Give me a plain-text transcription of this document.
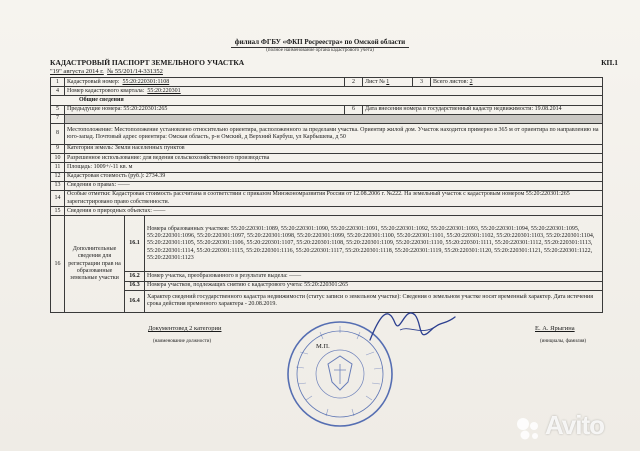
филиал ФГБУ «ФКП Росреестра» по Омской области
(полное наименование органа кадастрового учета)
КАДАСТРОВЫЙ ПАСПОРТ ЗЕМЕЛЬНОГО УЧАСТКА	КП.1
"19" августа 2014 г. № 55/201/14-331352
1	Кадастровый номер: 55:20:220301:1108			2	Лист № 1	3	Всего листов: 2
4	Номер кадастрового квартала: 55:20:220301						
Общие сведения							
5	Предыдущие номера: 55:20:220301:265			6	Дата внесения номера в государственный кадастр недвижимости: 19.08.2014		
7							
8	Местоположение: Местоположение установлено относительно ориентира, расположенного за пределами участка. Ориентир жилой дом. Участок находится примерно в 365 м от ориентира по направлению на юго-запад. Почтовый адрес ориентира: Омская область, р-н Омский, д Верхний Карбуш, ул Карбышева, д 50						
9	Категория земель: Земли населенных пунктов						
10	Разрешенное использование: для ведения сельскохозяйственного производства						
11	Площадь: 1009+/-11 кв. м						
12	Кадастровая стоимость (руб.): 2734.39						
13	Сведения о правах: ——						
14	Особые отметки: Кадастровая стоимость рассчитана в соответствии с приказом Минэкономразвития России от 12.08.2006 г. №222. На земельный участок с кадастровым номером 55:20:220301:265 зарегистрировано право собственности.						
15	Сведения о природных объектах: ——						
16	Дополнительные сведения для регистрации прав на образованные земельные участки	16.1	Номера образованных участков: 55:20:220301:1089, 55:20:220301:1090, 55:20:220301:1091, 55:20:220301:1092, 55:20:220301:1093, 55:20:220301:1094, 55:20:220301:1095, 55:20:220301:1096, 55:20:220301:1097, 55:20:220301:1098, 55:20:220301:1099, 55:20:220301:1100, 55:20:220301:1101, 55:20:220301:1102, 55:20:220301:1103, 55:20:220301:1104, 55:20:220301:1105, 55:20:220301:1106, 55:20:220301:1107, 55:20:220301:1108, 55:20:220301:1109, 55:20:220301:1110, 55:20:220301:1111, 55:20:220301:1112, 55:20:220301:1113, 55:20:220301:1114, 55:20:220301:1115, 55:20:220301:1116, 55:20:220301:1117, 55:20:220301:1118, 55:20:220301:1119, 55:20:220301:1120, 55:20:220301:1121, 55:20:220301:1122, 55:20:220301:1123				
		16.2	Номер участка, преобразованного в результате выдела: ——				
		16.3	Номера участков, подлежащих снятию с кадастрового учета: 55:20:220301:265				
		16.4	Характер сведений государственного кадастра недвижимости (статус записи о земельном участке): Сведения о земельном участке носят временный характер. Дата истечения срока действия временного характера - 20.08.2019.				
Документовед 2 категории
(наименование должности)
Е. А. Ярыгина
(инициалы, фамилия)
М.П.
Avito
